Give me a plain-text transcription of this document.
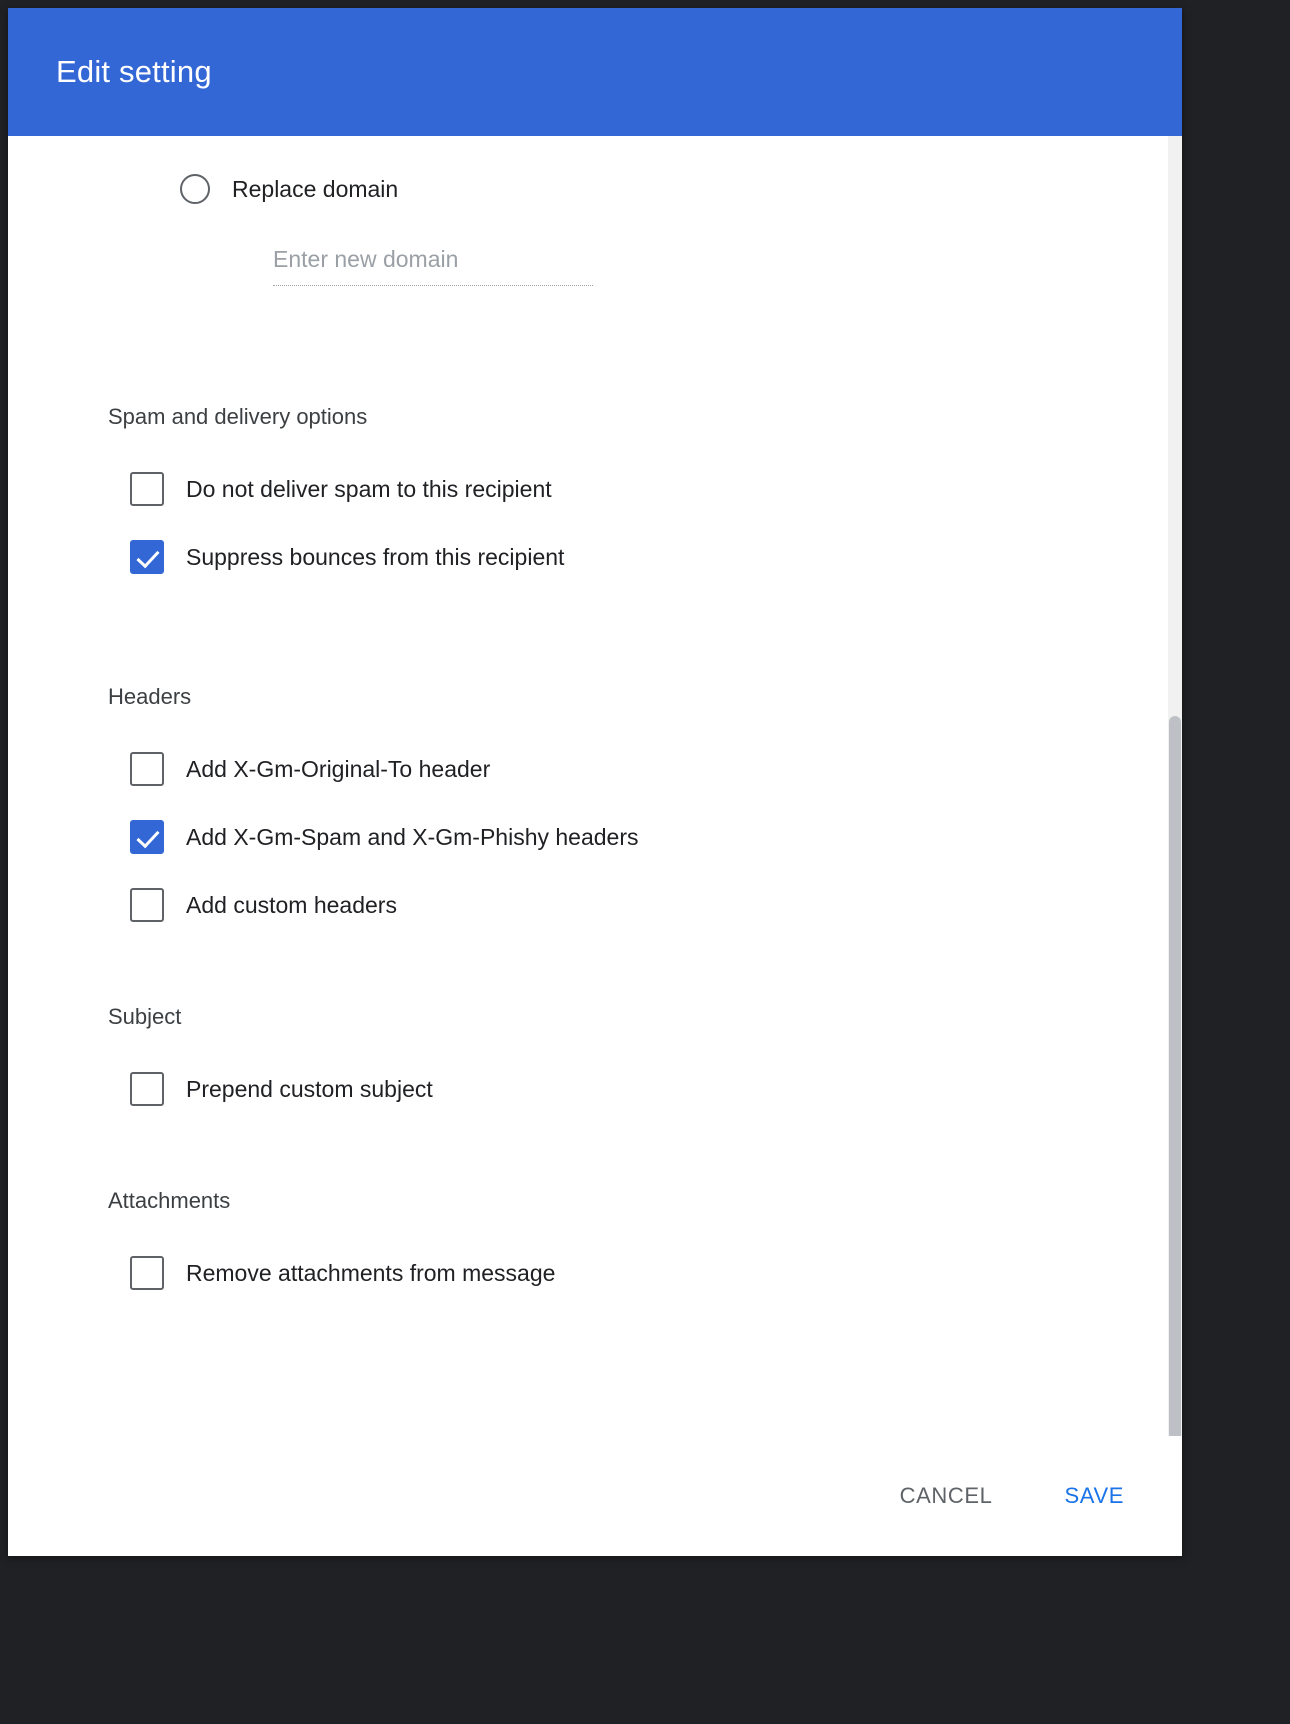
Edit setting
Replace domain
Enter new domain
Spam and delivery options
Do not deliver spam to this recipient
Suppress bounces from this recipient
Headers
Add X-Gm-Original-To header
Add X-Gm-Spam and X-Gm-Phishy headers
Add custom headers
Subject
Prepend custom subject
Attachments
Remove attachments from message
CANCEL	SAVE
